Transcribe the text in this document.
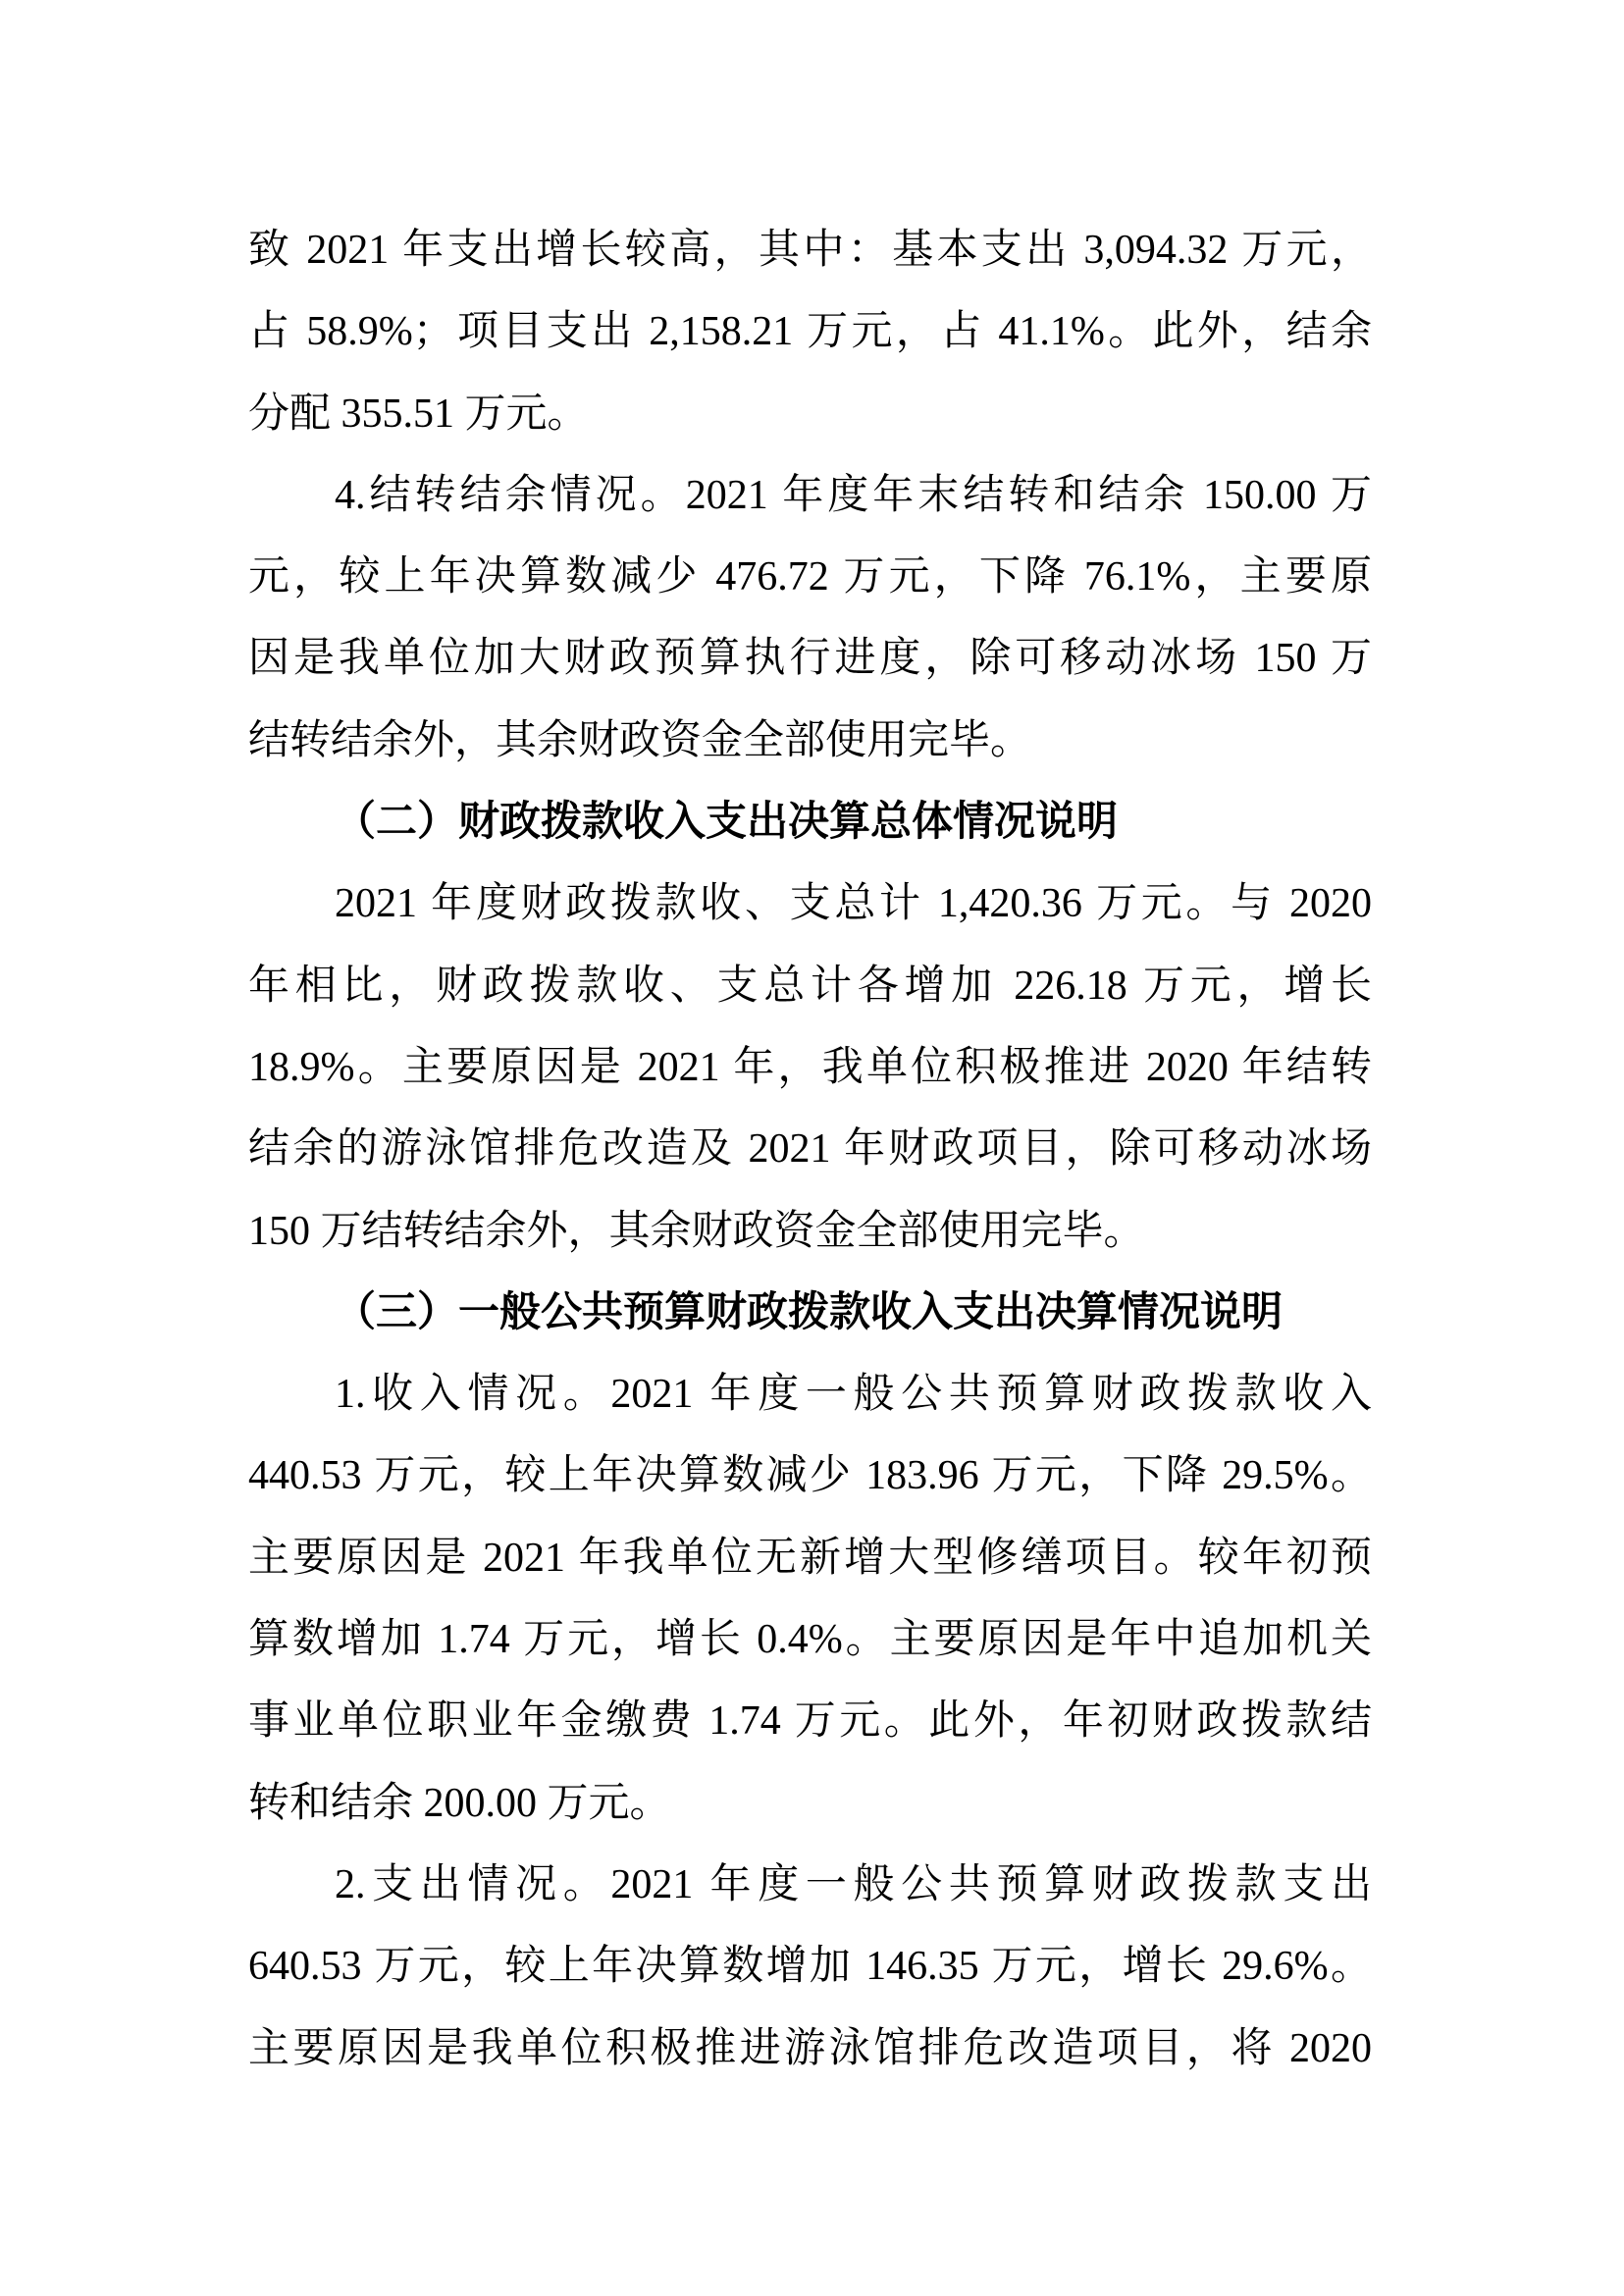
致 2021 年支出增长较高，其中：基本支出 3,094.32 万元，
占 58.9%；项目支出 2,158.21 万元，占 41.1%。此外，结余
分配 355.51 万元。
4.结转结余情况。2021 年度年末结转和结余 150.00 万
元，较上年决算数减少 476.72 万元，下降 76.1%，主要原
因是我单位加大财政预算执行进度，除可移动冰场 150 万
结转结余外，其余财政资金全部使用完毕。
（二）财政拨款收入支出决算总体情况说明
2021 年度财政拨款收、支总计 1,420.36 万元。与 2020
年相比，财政拨款收、支总计各增加 226.18 万元，增长
18.9%。主要原因是 2021 年，我单位积极推进 2020 年结转
结余的游泳馆排危改造及 2021 年财政项目，除可移动冰场
150 万结转结余外，其余财政资金全部使用完毕。
（三）一般公共预算财政拨款收入支出决算情况说明
1.收入情况。2021 年度一般公共预算财政拨款收入
440.53 万元，较上年决算数减少 183.96 万元，下降 29.5%。
主要原因是 2021 年我单位无新增大型修缮项目。较年初预
算数增加 1.74 万元，增长 0.4%。主要原因是年中追加机关
事业单位职业年金缴费 1.74 万元。此外，年初财政拨款结
转和结余 200.00 万元。
2.支出情况。2021 年度一般公共预算财政拨款支出
640.53 万元，较上年决算数增加 146.35 万元，增长 29.6%。
主要原因是我单位积极推进游泳馆排危改造项目，将 2020
